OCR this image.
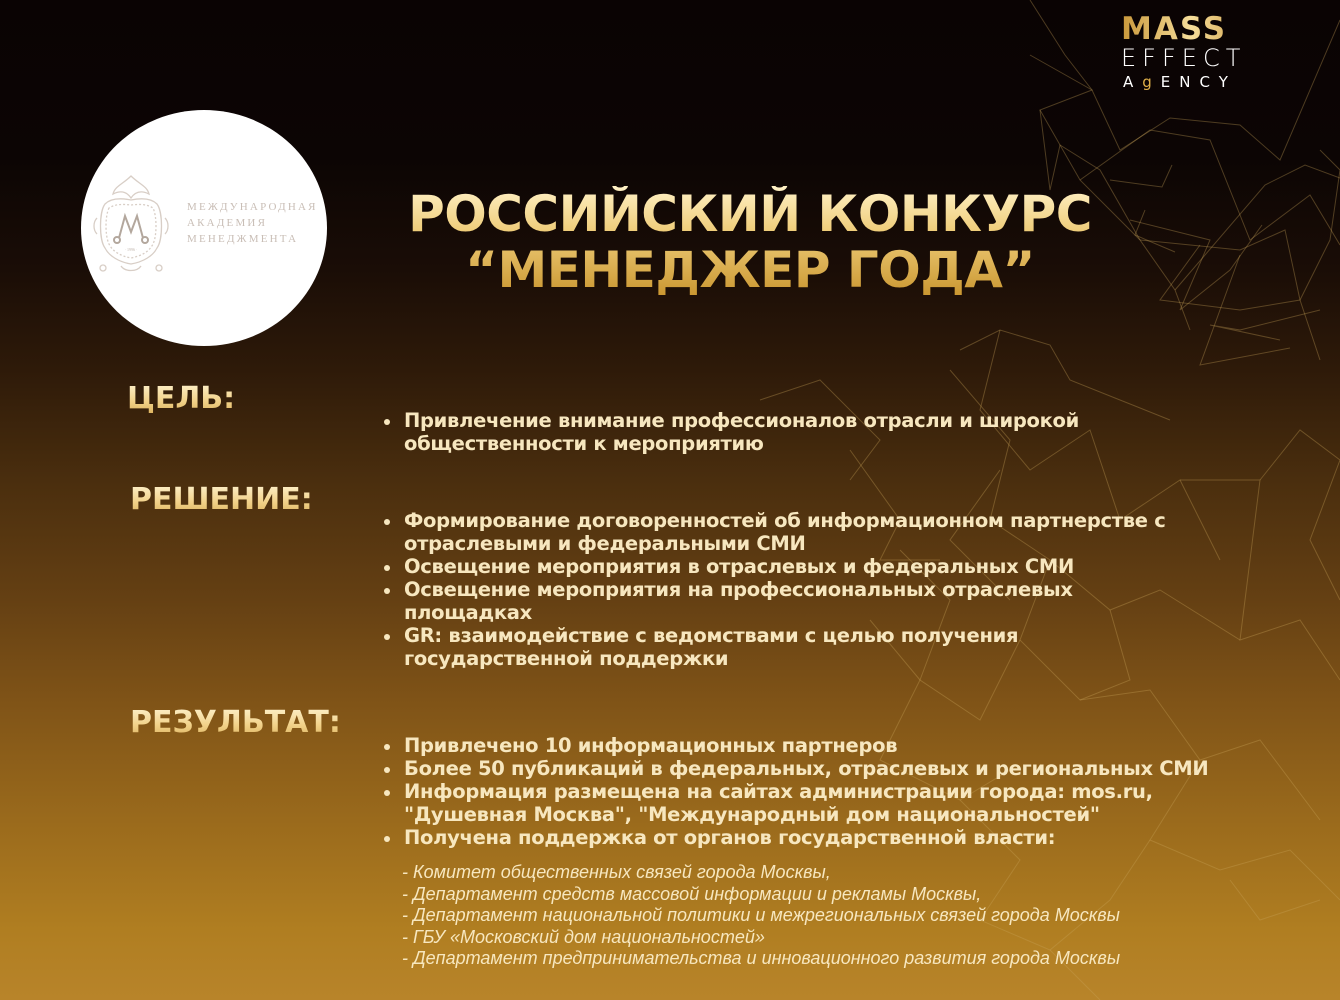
MASS
EFFECT
AgENCY
· 1996 ·
МЕЖДУНАРОДНАЯ
АКАДЕМИЯ
МЕНЕДЖМЕНТА	РОССИЙСКИЙ КОНКУРС
“МЕНЕДЖЕР ГОДА”
ЦЕЛЬ:
Привлечение внимание профессионалов отрасли и широкой общественности к мероприятию
РЕШЕНИЕ:
Формирование договоренностей об информационном партнерстве с отраслевыми и федеральными СМИ
Освещение мероприятия в отраслевых и федеральных СМИ
Освещение мероприятия на профессиональных отраслевых площадках
GR: взаимодействие с ведомствами с целью получения государственной поддержки
РЕЗУЛЬТАТ:
Привлечено 10 информационных партнеров
Более 50 публикаций в федеральных, отраслевых и региональных СМИ
Информация размещена на сайтах администрации города: mos.ru, "Душевная Москва", "Международный дом национальностей"
Получена поддержка от органов государственной власти:
- Комитет общественных связей города Москвы,
- Департамент средств массовой информации и рекламы Москвы,
- Департамент национальной политики и межрегиональных связей города Москвы
- ГБУ «Московский дом национальностей»
- Департамент предпринимательства и инновационного развития города Москвы
